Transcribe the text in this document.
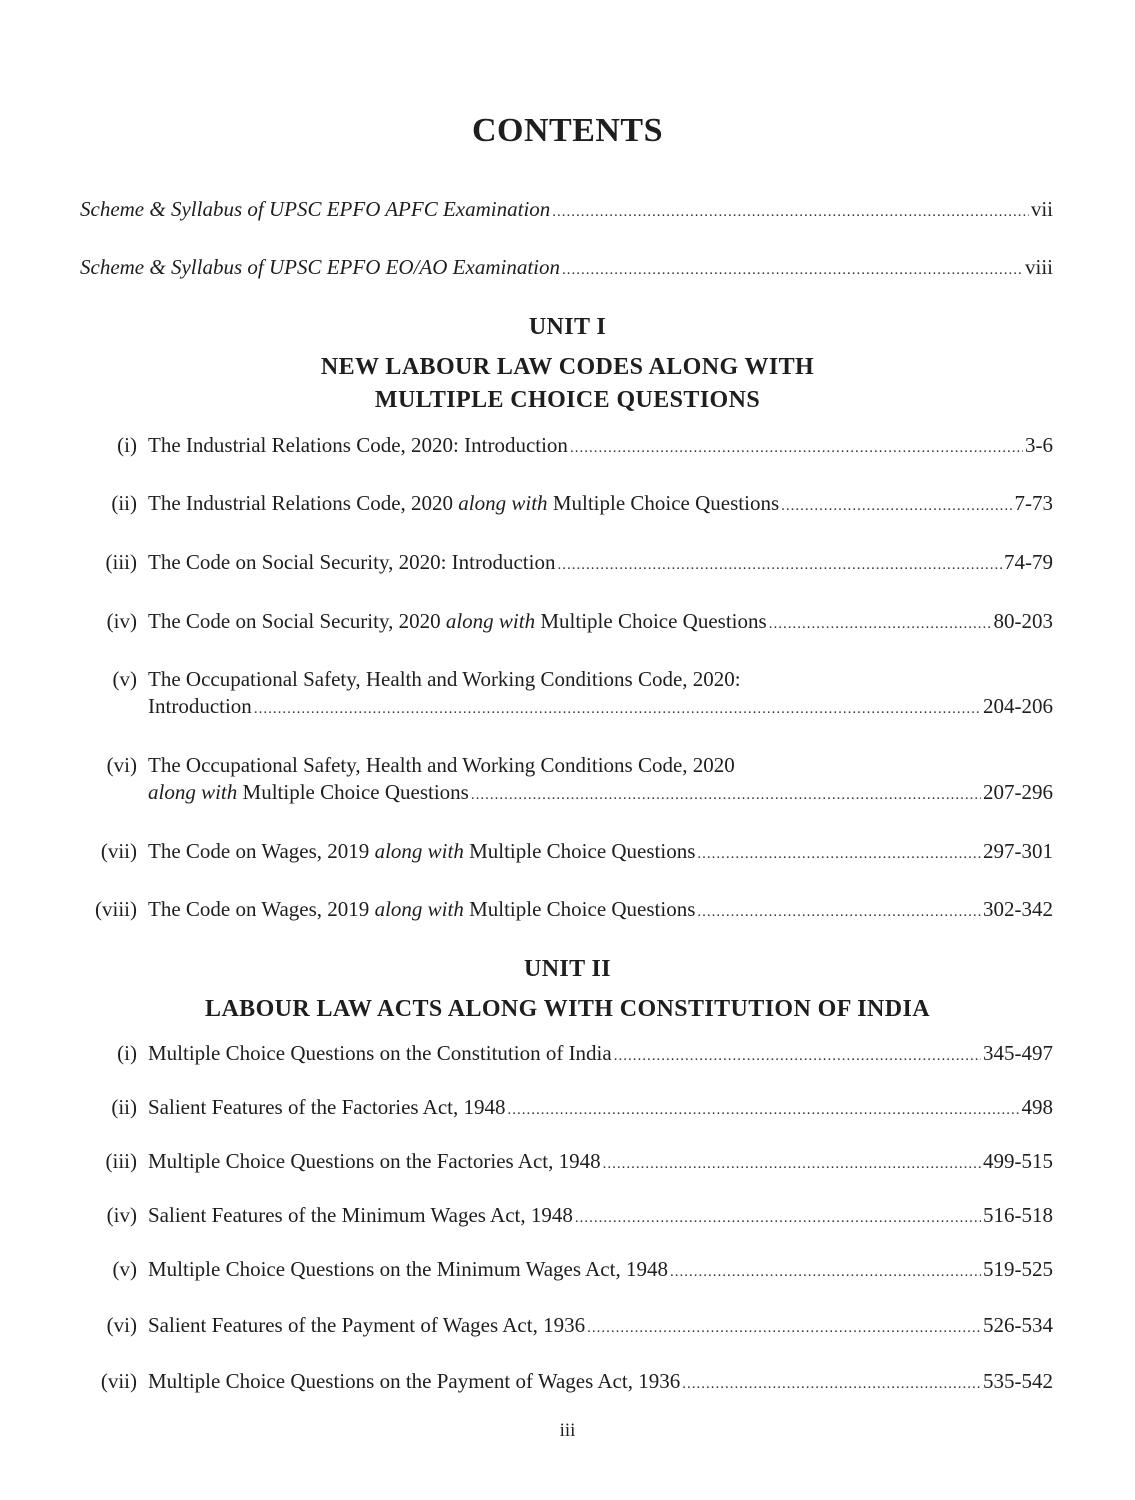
CONTENTS
Scheme & Syllabus of UPSC EPFO APFC Examination .....	vii
Scheme & Syllabus of UPSC EPFO EO/AO Examination .....	viii
UNIT I
NEW LABOUR LAW CODES ALONG WITH
MULTIPLE CHOICE QUESTIONS
(i) The Industrial Relations Code, 2020: Introduction .....	3-6
(ii) The Industrial Relations Code, 2020 along with Multiple Choice Questions .....	7-73
(iii) The Code on Social Security, 2020: Introduction .....	74-79
(iv) The Code on Social Security, 2020 along with Multiple Choice Questions .....	80-203
(v) The Occupational Safety, Health and Working Conditions Code, 2020:
Introduction .....	204-206
(vi) The Occupational Safety, Health and Working Conditions Code, 2020
along with Multiple Choice Questions .....	207-296
(vii) The Code on Wages, 2019 along with Multiple Choice Questions .....	297-301
(viii) The Code on Wages, 2019 along with Multiple Choice Questions .....	302-342
UNIT II
LABOUR LAW ACTS ALONG WITH CONSTITUTION OF INDIA
(i) Multiple Choice Questions on the Constitution of India .....	345-497
(ii) Salient Features of the Factories Act, 1948 .....	498
(iii) Multiple Choice Questions on the Factories Act, 1948 .....	499-515
(iv) Salient Features of the Minimum Wages Act, 1948 .....	516-518
(v) Multiple Choice Questions on the Minimum Wages Act, 1948 .....	519-525
(vi) Salient Features of the Payment of Wages Act, 1936 .....	526-534
(vii) Multiple Choice Questions on the Payment of Wages Act, 1936 .....	535-542
iii
